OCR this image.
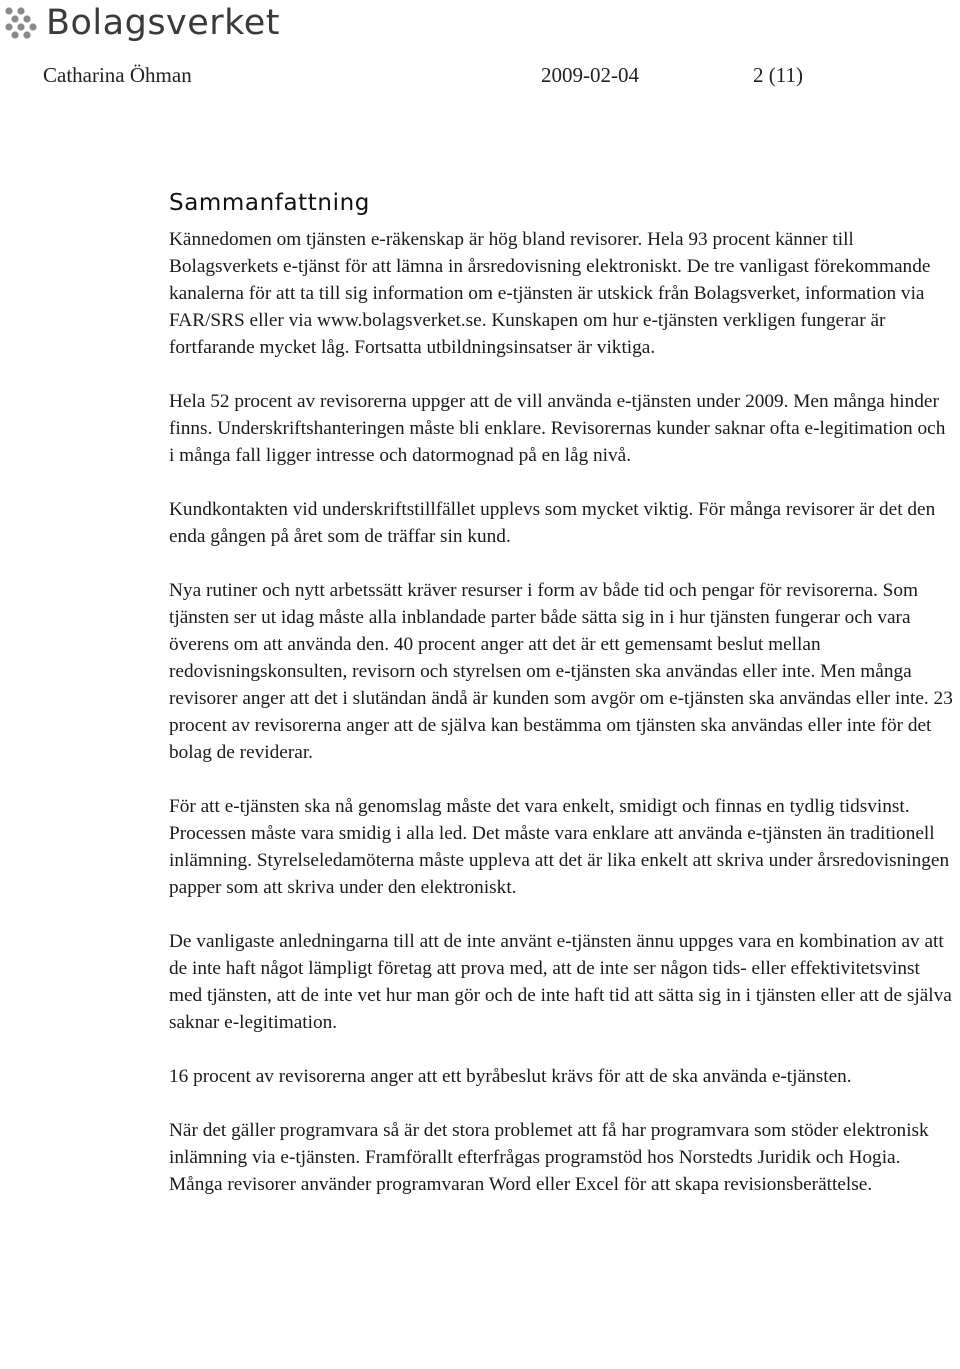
Bolagsverket
Catharina Öhman	2009-02-04	2 (11)
Sammanfattning

Kännedomen om tjänsten e-räkenskap är hög bland revisorer. Hela 93 procent känner till Bolagsverkets e-tjänst för att lämna in årsredovisning elektroniskt. De tre vanligast förekommande kanalerna för att ta till sig information om e-tjänsten är utskick från Bolagsverket, information via FAR/SRS eller via www.bolagsverket.se. Kunskapen om hur e-tjänsten verkligen fungerar är fortfarande mycket låg. Fortsatta utbildningsinsatser är viktiga.

Hela 52 procent av revisorerna uppger att de vill använda e-tjänsten under 2009. Men många hinder finns. Underskriftshanteringen måste bli enklare. Revisorernas kunder saknar ofta e-legitimation och i många fall ligger intresse och datormognad på en låg nivå.

Kundkontakten vid underskriftstillfället upplevs som mycket viktig. För många revisorer är det den enda gången på året som de träffar sin kund.

Nya rutiner och nytt arbetssätt kräver resurser i form av både tid och pengar för revisorerna. Som tjänsten ser ut idag måste alla inblandade parter både sätta sig in i hur tjänsten fungerar och vara överens om att använda den. 40 procent anger att det är ett gemensamt beslut mellan redovisningskonsulten, revisorn och styrelsen om e-tjänsten ska användas eller inte. Men många revisorer anger att det i slutändan ändå är kunden som avgör om e-tjänsten ska användas eller inte. 23 procent av revisorerna anger att de själva kan bestämma om tjänsten ska användas eller inte för det bolag de reviderar.

För att e-tjänsten ska nå genomslag måste det vara enkelt, smidigt och finnas en tydlig tidsvinst. Processen måste vara smidig i alla led. Det måste vara enklare att använda e-tjänsten än traditionell inlämning. Styrelseledamöterna måste uppleva att det är lika enkelt att skriva under årsredovisningen papper som att skriva under den elektroniskt.

De vanligaste anledningarna till att de inte använt e-tjänsten ännu uppges vara en kombination av att de inte haft något lämpligt företag att prova med, att de inte ser någon tids- eller effektivitetsvinst med tjänsten, att de inte vet hur man gör och de inte haft tid att sätta sig in i tjänsten eller att de själva saknar e-legitimation.

16 procent av revisorerna anger att ett byråbeslut krävs för att de ska använda e-tjänsten.

När det gäller programvara så är det stora problemet att få har programvara som stöder elektronisk inlämning via e-tjänsten. Framförallt efterfrågas programstöd hos Norstedts Juridik och Hogia. Många revisorer använder programvaran Word eller Excel för att skapa revisionsberättelse.
